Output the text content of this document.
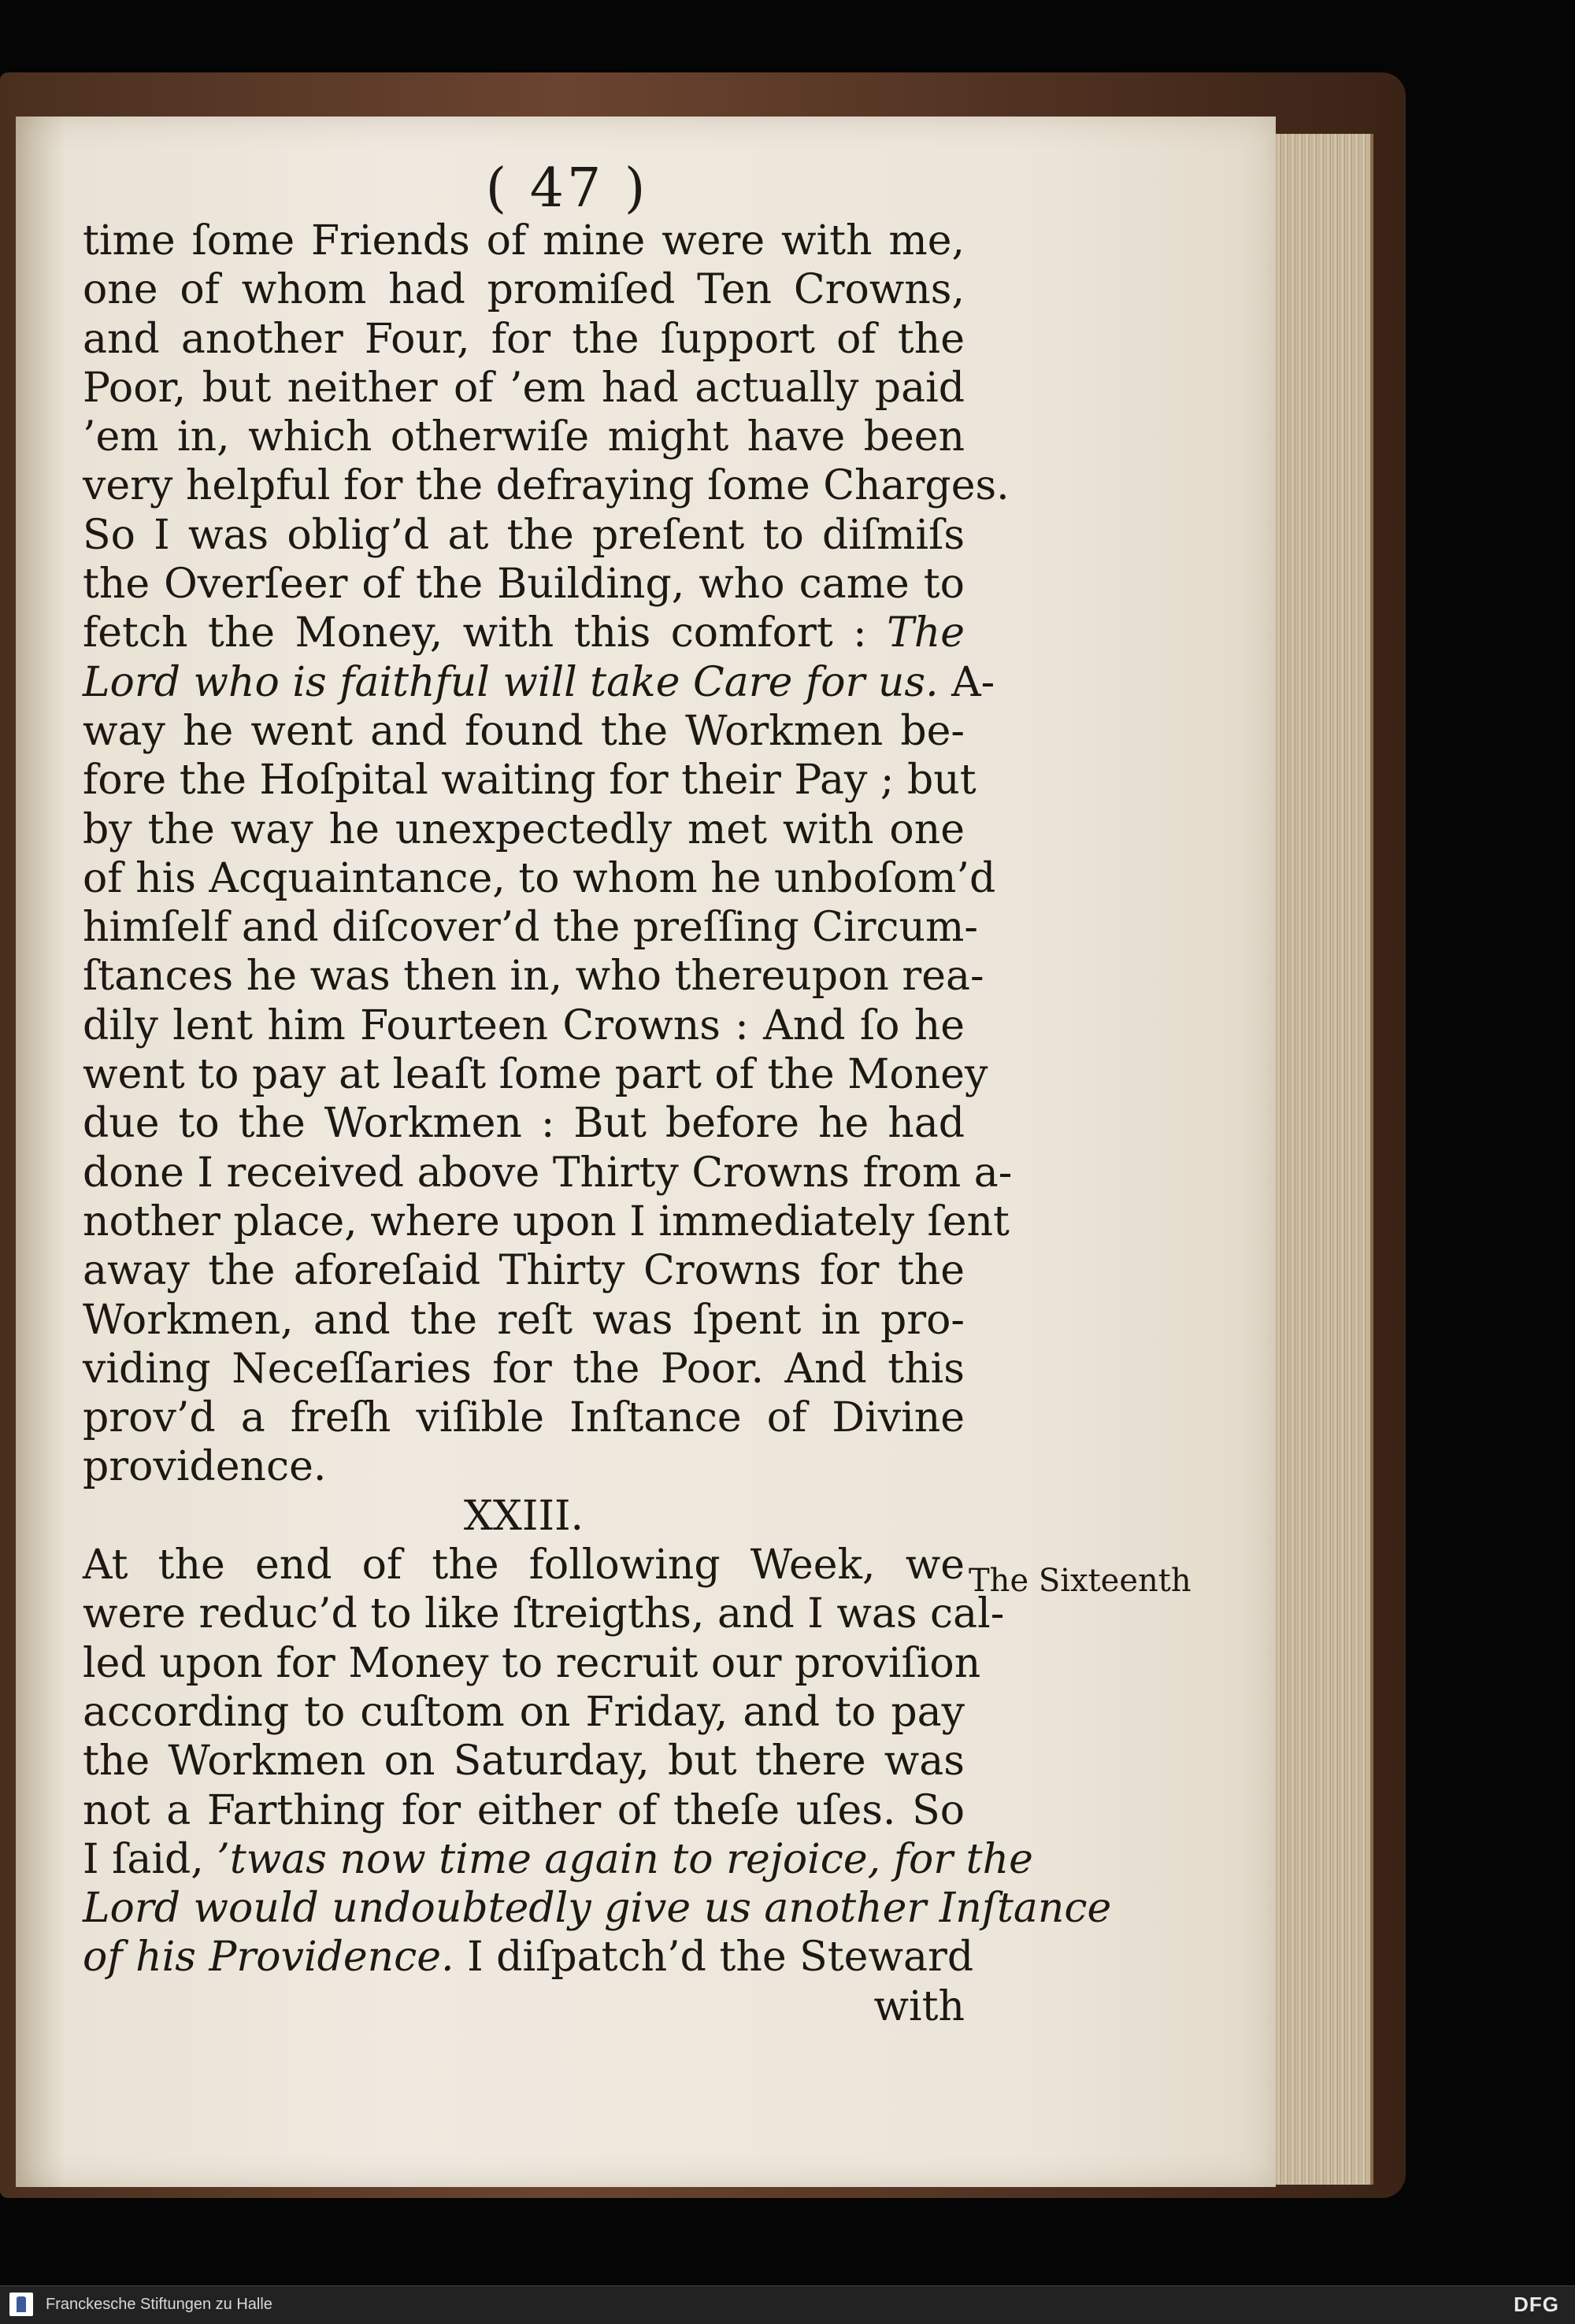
( 47 )
time ſome Friends of mine were with me,
one of whom had promiſed Ten Crowns,
and another Four, for the ſupport of the
Poor, but neither of ’em had actually paid
’em in, which otherwiſe might have been
very helpful for the defraying ſome Charges.
So I was oblig’d at the preſent to diſmiſs
the Overſeer of the Building, who came to
fetch the Money, with this comfort : The
Lord who is faithful will take Care for us. A-
way he went and found the Workmen be-
fore the Hoſpital waiting for their Pay ; but
by the way he unexpectedly met with one
of his Acquaintance, to whom he unboſom’d
himſelf and diſcover’d the preſſing Circum-
ſtances he was then in, who thereupon rea-
dily lent him Fourteen Crowns : And ſo he
went to pay at leaſt ſome part of the Money
due to the Workmen : But before he had
done I received above Thirty Crowns from a-
nother place, where upon I immediately ſent
away the aforeſaid Thirty Crowns for the
Workmen, and the reſt was ſpent in pro-
viding Neceſſaries for the Poor. And this
prov’d a freſh viſible Inſtance of Divine
providence.
XXIII.
At the end of the following Week, we
were reduc’d to like ſtreigths, and I was cal-
led upon for Money to recruit our proviſion
according to cuſtom on Friday, and to pay
the Workmen on Saturday, but there was
not a Farthing for either of theſe uſes. So
I ſaid, ’twas now time again to rejoice, for the
Lord would undoubtedly give us another Inſtance
of his Providence. I diſpatch’d the Steward
with
The Sixteenth
Franckesche Stiftungen zu Halle	DFG
